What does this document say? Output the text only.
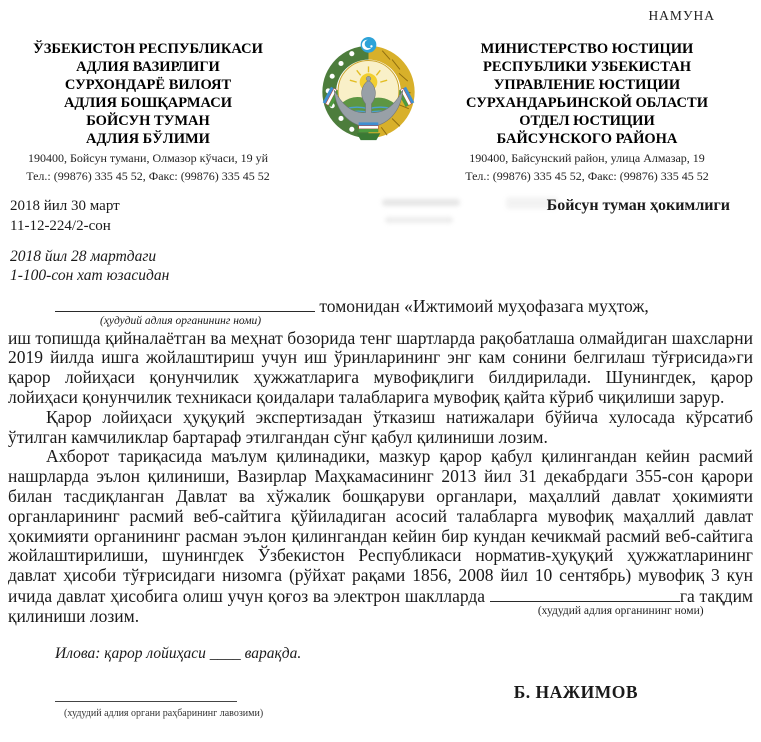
НАМУНА
ЎЗБЕКИСТОН РЕСПУБЛИКАСИ
АДЛИЯ ВАЗИРЛИГИ
СУРХОНДАРЁ ВИЛОЯТ
АДЛИЯ БОШҚАРМАСИ
БОЙСУН ТУМАН
АДЛИЯ БЎЛИМИ
190400, Бойсун тумани, Олмазор кўчаси, 19 уй
Тел.: (99876) 335 45 52, Факс: (99876) 335 45 52
МИНИСТЕРСТВО ЮСТИЦИИ
РЕСПУБЛИКИ УЗБЕКИСТАН
УПРАВЛЕНИЕ ЮСТИЦИИ
СУРХАНДАРЬИНСКОЙ ОБЛАСТИ
ОТДЕЛ ЮСТИЦИИ
БАЙСУНСКОГО РАЙОНА
190400, Байсунский район, улица Алмазар, 19
Тел.: (99876) 335 45 52, Факс: (99876) 335 45 52
2018 йил 30 март
11-12-224/2-сон
Бойсун туман ҳокимлиги
2018 йил 28 мартдаги
1-100-сон хат юзасидан
томонидан «Ижтимоий муҳофазага муҳтож,
(ҳудудий адлия органининг номи)

иш топишда қийналаётган ва меҳнат бозорида тенг шартларда рақобатлаша олмайдиган шахсларни 2019 йилда ишга жойлаштириш учун иш ўринларининг энг кам сонини белгилаш тўғрисида»ги қарор лойиҳаси қонунчилик ҳужжатларига мувофиқлиги билдирилади. Шунингдек, қарор лойиҳаси қонунчилик техникаси қоидалари талабларига мувофиқ қайта кўриб чиқилиши зарур.

Қарор лойиҳаси ҳуқуқий экспертизадан ўтказиш натижалари бўйича хулосада кўрсатиб ўтилган камчиликлар бартараф этилгандан сўнг қабул қилиниши лозим.

Ахборот тариқасида маълум қилинадики, мазкур қарор қабул қилингандан кейин расмий нашрларда эълон қилиниши, Вазирлар Маҳкамасининг 2013 йил 31 декабрдаги 355-сон қарори билан тасдиқланган Давлат ва хўжалик бошқаруви органлари, маҳаллий давлат ҳокимияти органларининг расмий веб-сайтига қўйиладиган асосий талабларга мувофиқ маҳаллий давлат ҳокимияти органининг расман эълон қилингандан кейин бир кундан кечикмай расмий веб-сайтига жойлаштирилиши, шунингдек Ўзбекистон Республикаси норматив-ҳуқуқий ҳужжатларининг давлат ҳисоби тўғрисидаги низомга (рўйхат рақами 1856, 2008 йил 10 сентябрь) мувофиқ 3 кун ичида давлат ҳисобига олиш учун қоғоз ва электрон шаклларда
(худудий адлия органининг номи)
га тақдим қилиниши лозим.

Илова: қарор лойиҳаси ____ варақда.
(худудий адлия органи раҳбарининг лавозими)
Б. НАЖИМОВ
